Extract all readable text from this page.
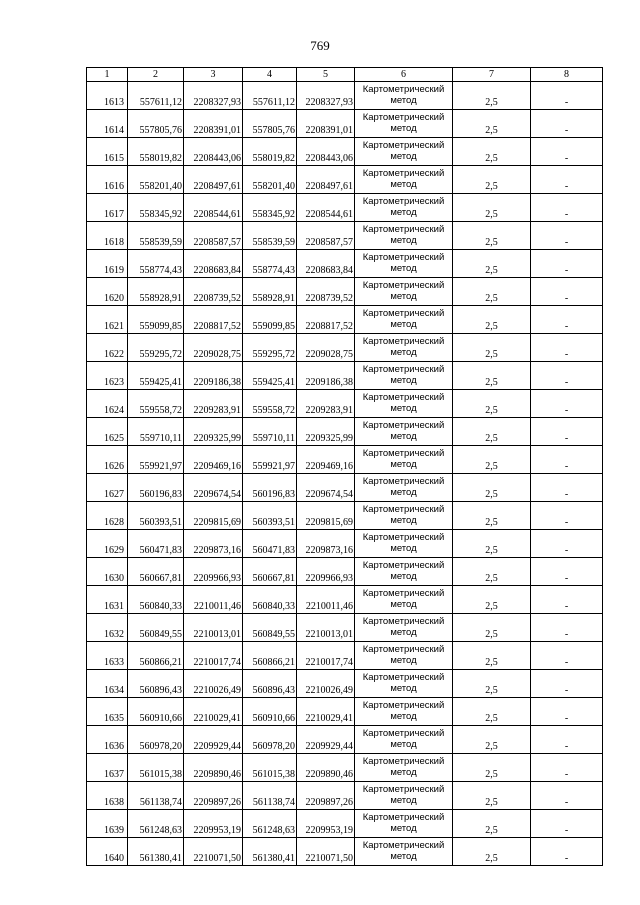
769
1	2	3	4	5	6	7	8
1613	557611,12	2208327,93	557611,12	2208327,93	Картометрический метод	2,5	-
1614	557805,76	2208391,01	557805,76	2208391,01	Картометрический метод	2,5	-
1615	558019,82	2208443,06	558019,82	2208443,06	Картометрический метод	2,5	-
1616	558201,40	2208497,61	558201,40	2208497,61	Картометрический метод	2,5	-
1617	558345,92	2208544,61	558345,92	2208544,61	Картометрический метод	2,5	-
1618	558539,59	2208587,57	558539,59	2208587,57	Картометрический метод	2,5	-
1619	558774,43	2208683,84	558774,43	2208683,84	Картометрический метод	2,5	-
1620	558928,91	2208739,52	558928,91	2208739,52	Картометрический метод	2,5	-
1621	559099,85	2208817,52	559099,85	2208817,52	Картометрический метод	2,5	-
1622	559295,72	2209028,75	559295,72	2209028,75	Картометрический метод	2,5	-
1623	559425,41	2209186,38	559425,41	2209186,38	Картометрический метод	2,5	-
1624	559558,72	2209283,91	559558,72	2209283,91	Картометрический метод	2,5	-
1625	559710,11	2209325,99	559710,11	2209325,99	Картометрический метод	2,5	-
1626	559921,97	2209469,16	559921,97	2209469,16	Картометрический метод	2,5	-
1627	560196,83	2209674,54	560196,83	2209674,54	Картометрический метод	2,5	-
1628	560393,51	2209815,69	560393,51	2209815,69	Картометрический метод	2,5	-
1629	560471,83	2209873,16	560471,83	2209873,16	Картометрический метод	2,5	-
1630	560667,81	2209966,93	560667,81	2209966,93	Картометрический метод	2,5	-
1631	560840,33	2210011,46	560840,33	2210011,46	Картометрический метод	2,5	-
1632	560849,55	2210013,01	560849,55	2210013,01	Картометрический метод	2,5	-
1633	560866,21	2210017,74	560866,21	2210017,74	Картометрический метод	2,5	-
1634	560896,43	2210026,49	560896,43	2210026,49	Картометрический метод	2,5	-
1635	560910,66	2210029,41	560910,66	2210029,41	Картометрический метод	2,5	-
1636	560978,20	2209929,44	560978,20	2209929,44	Картометрический метод	2,5	-
1637	561015,38	2209890,46	561015,38	2209890,46	Картометрический метод	2,5	-
1638	561138,74	2209897,26	561138,74	2209897,26	Картометрический метод	2,5	-
1639	561248,63	2209953,19	561248,63	2209953,19	Картометрический метод	2,5	-
1640	561380,41	2210071,50	561380,41	2210071,50	Картометрический метод	2,5	-
